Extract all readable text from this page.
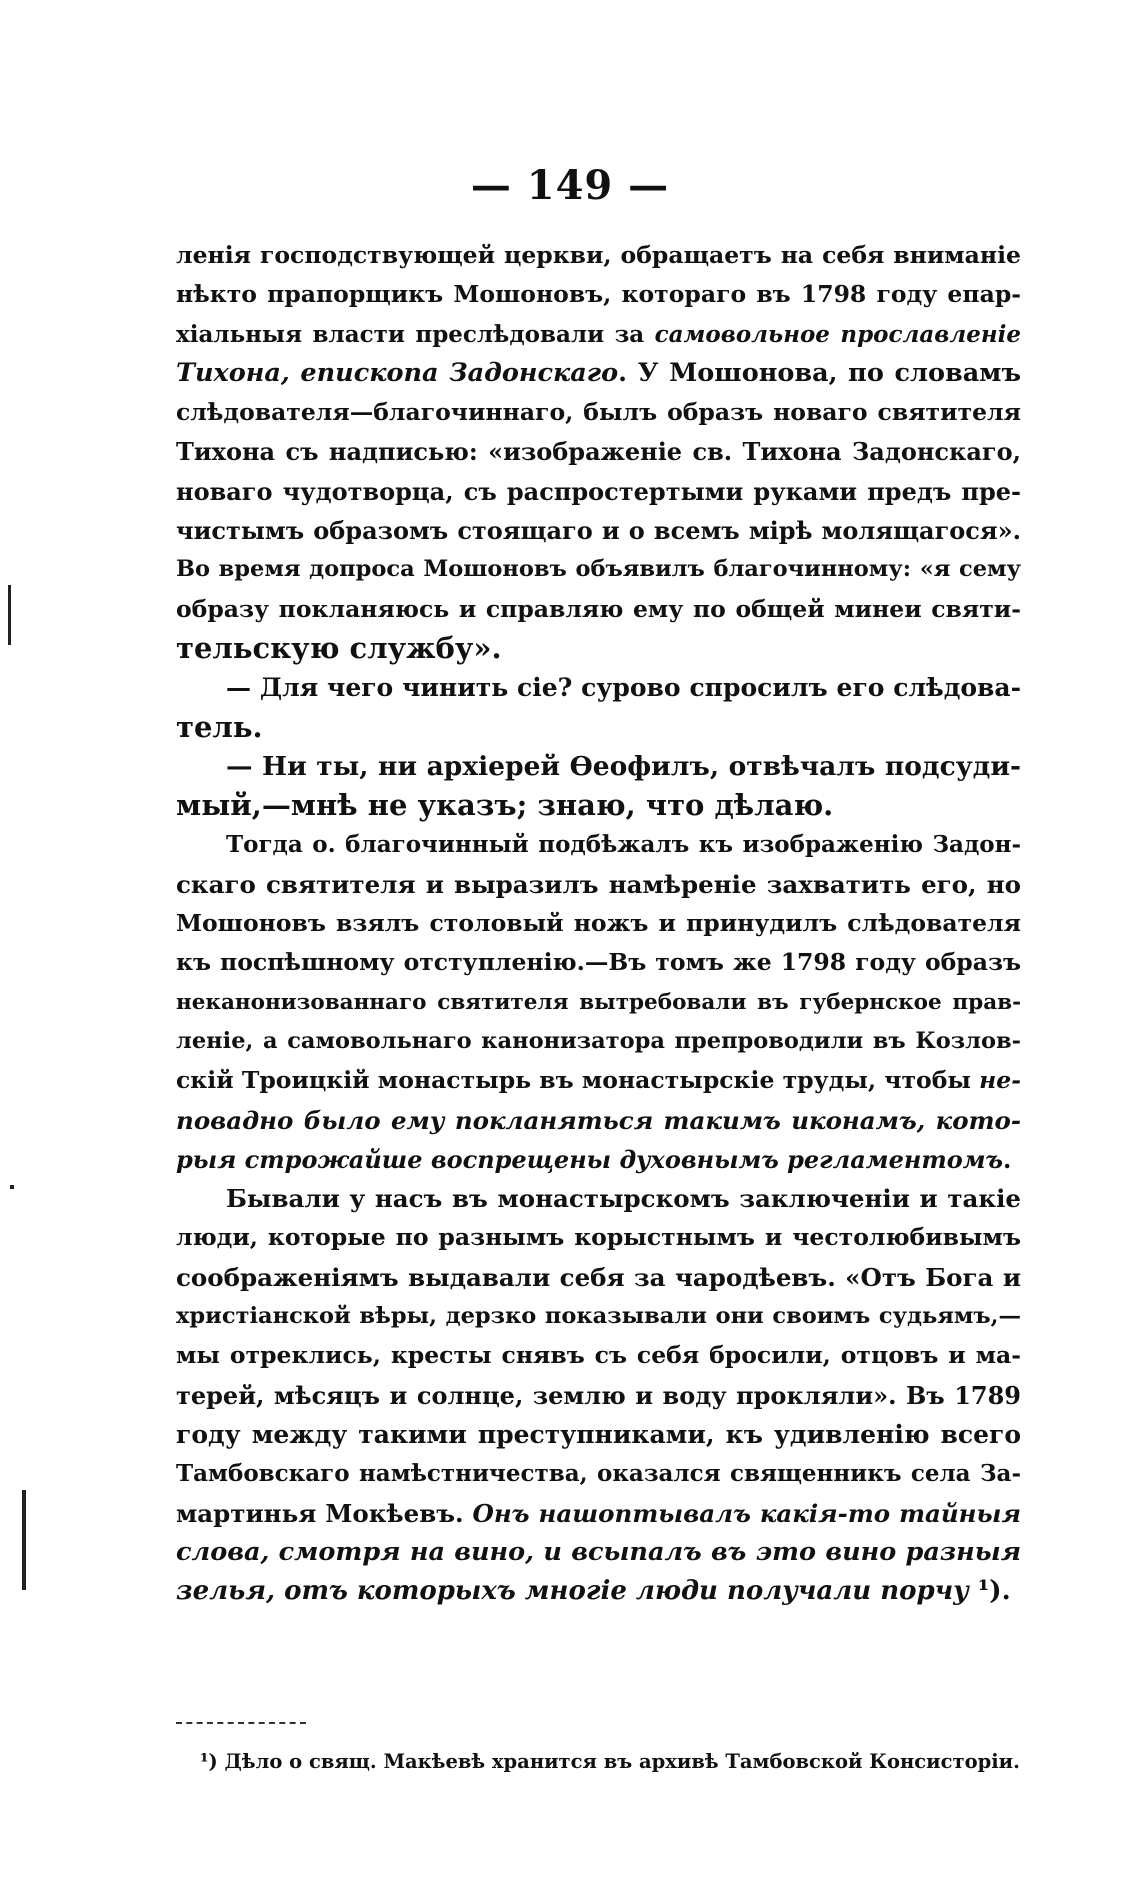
— 149 —
ленія господствующей церкви, обращаетъ на себя вниманіе
нѣкто прапорщикъ Мошоновъ, котораго въ 1798 году епар-
хіальныя власти преслѣдовали за самовольное прославленіе
Тихона, епископа Задонскаго. У Мошонова, по словамъ
слѣдователя—благочиннаго, былъ образъ новаго святителя
Тихона съ надписью: «изображеніе св. Тихона Задонскаго,
новаго чудотворца, съ распростертыми руками предъ пре-
чистымъ образомъ стоящаго и о всемъ мірѣ молящагося».
Во время допроса Мошоновъ объявилъ благочинному: «я сему
образу покланяюсь и справляю ему по общей минеи святи-
тельскую службу».
— Для чего чинить сіе? сурово спросилъ его слѣдова-
тель.
— Ни ты, ни архіерей Ѳеофилъ, отвѣчалъ подсуди-
мый,—мнѣ не указъ; знаю, что дѣлаю.
Тогда о. благочинный подбѣжалъ къ изображенію Задон-
скаго святителя и выразилъ намѣреніе захватить его, но
Мошоновъ взялъ столовый ножъ и принудилъ слѣдователя
къ поспѣшному отступленію.—Въ томъ же 1798 году образъ
неканонизованнаго святителя вытребовали въ губернское прав-
леніе, а самовольнаго канонизатора препроводили въ Козлов-
скій Троицкій монастырь въ монастырскіе труды, чтобы не-
повадно было ему покланяться такимъ иконамъ, кото-
рыя строжайше воспрещены духовнымъ регламентомъ.
Бывали у насъ въ монастырскомъ заключеніи и такіе
люди, которые по разнымъ корыстнымъ и честолюбивымъ
соображеніямъ выдавали себя за чародѣевъ. «Отъ Бога и
христіанской вѣры, дерзко показывали они своимъ судьямъ,—
мы отреклись, кресты снявъ съ себя бросили, отцовъ и ма-
терей, мѣсяцъ и солнце, землю и воду прокляли». Въ 1789
году между такими преступниками, къ удивленію всего
Тамбовскаго намѣстничества, оказался священникъ села За-
мартинья Мокѣевъ. Онъ нашоптывалъ какія-то тайныя
слова, смотря на вино, и всыпалъ въ это вино разныя
зелья, отъ которыхъ многіе люди получали порчу ¹).
¹) Дѣло о свящ. Макѣевѣ хранится въ архивѣ Тамбовской Консисторіи.
